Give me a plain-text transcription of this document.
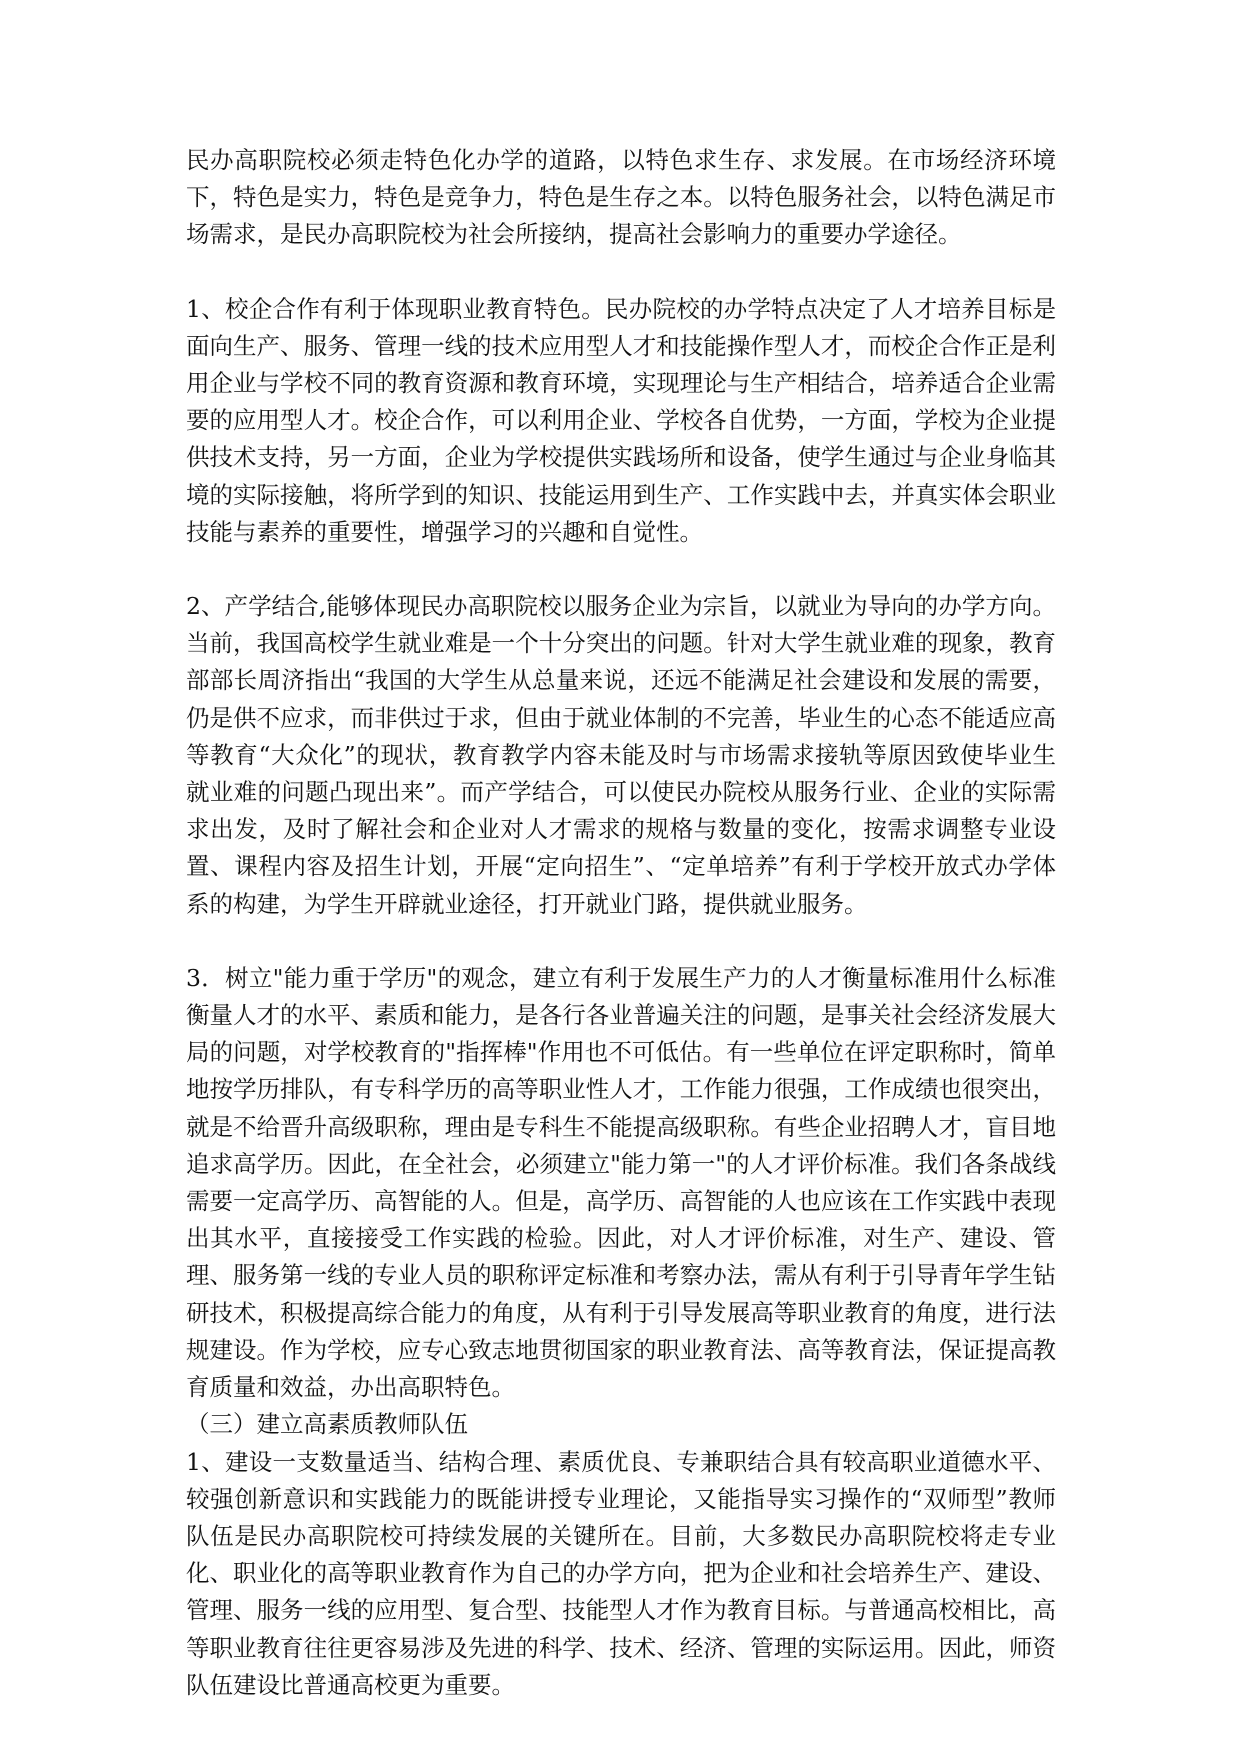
民办高职院校必须走特色化办学的道路，以特色求生存、求发展。在市场经济环境下，特色是实力，特色是竞争力，特色是生存之本。以特色服务社会，以特色满足市场需求，是民办高职院校为社会所接纳，提高社会影响力的重要办学途径。

1、校企合作有利于体现职业教育特色。民办院校的办学特点决定了人才培养目标是面向生产、服务、管理一线的技术应用型人才和技能操作型人才，而校企合作正是利用企业与学校不同的教育资源和教育环境，实现理论与生产相结合，培养适合企业需要的应用型人才。校企合作，可以利用企业、学校各自优势，一方面，学校为企业提供技术支持，另一方面，企业为学校提供实践场所和设备，使学生通过与企业身临其境的实际接触，将所学到的知识、技能运用到生产、工作实践中去，并真实体会职业技能与素养的重要性，增强学习的兴趣和自觉性。

2、产学结合,能够体现民办高职院校以服务企业为宗旨，以就业为导向的办学方向。当前，我国高校学生就业难是一个十分突出的问题。针对大学生就业难的现象，教育部部长周济指出“我国的大学生从总量来说，还远不能满足社会建设和发展的需要，仍是供不应求，而非供过于求，但由于就业体制的不完善，毕业生的心态不能适应高等教育“大众化”的现状，教育教学内容未能及时与市场需求接轨等原因致使毕业生就业难的问题凸现出来”。而产学结合，可以使民办院校从服务行业、企业的实际需求出发，及时了解社会和企业对人才需求的规格与数量的变化，按需求调整专业设置、课程内容及招生计划，开展“定向招生”、“定单培养”有利于学校开放式办学体系的构建，为学生开辟就业途径，打开就业门路，提供就业服务。

3．树立"能力重于学历"的观念，建立有利于发展生产力的人才衡量标准用什么标准衡量人才的水平、素质和能力，是各行各业普遍关注的问题，是事关社会经济发展大局的问题，对学校教育的"指挥棒"作用也不可低估。有一些单位在评定职称时，简单地按学历排队，有专科学历的高等职业性人才，工作能力很强，工作成绩也很突出，就是不给晋升高级职称，理由是专科生不能提高级职称。有些企业招聘人才，盲目地追求高学历。因此，在全社会，必须建立"能力第一"的人才评价标准。我们各条战线需要一定高学历、高智能的人。但是，高学历、高智能的人也应该在工作实践中表现出其水平，直接接受工作实践的检验。因此，对人才评价标准，对生产、建设、管理、服务第一线的专业人员的职称评定标准和考察办法，需从有利于引导青年学生钻研技术，积极提高综合能力的角度，从有利于引导发展高等职业教育的角度，进行法规建设。作为学校，应专心致志地贯彻国家的职业教育法、高等教育法，保证提高教育质量和效益，办出高职特色。

（三）建立高素质教师队伍

1、建设一支数量适当、结构合理、素质优良、专兼职结合具有较高职业道德水平、较强创新意识和实践能力的既能讲授专业理论，又能指导实习操作的“双师型”教师队伍是民办高职院校可持续发展的关键所在。目前，大多数民办高职院校将走专业化、职业化的高等职业教育作为自己的办学方向，把为企业和社会培养生产、建设、管理、服务一线的应用型、复合型、技能型人才作为教育目标。与普通高校相比，高等职业教育往往更容易涉及先进的科学、技术、经济、管理的实际运用。因此，师资队伍建设比普通高校更为重要。
